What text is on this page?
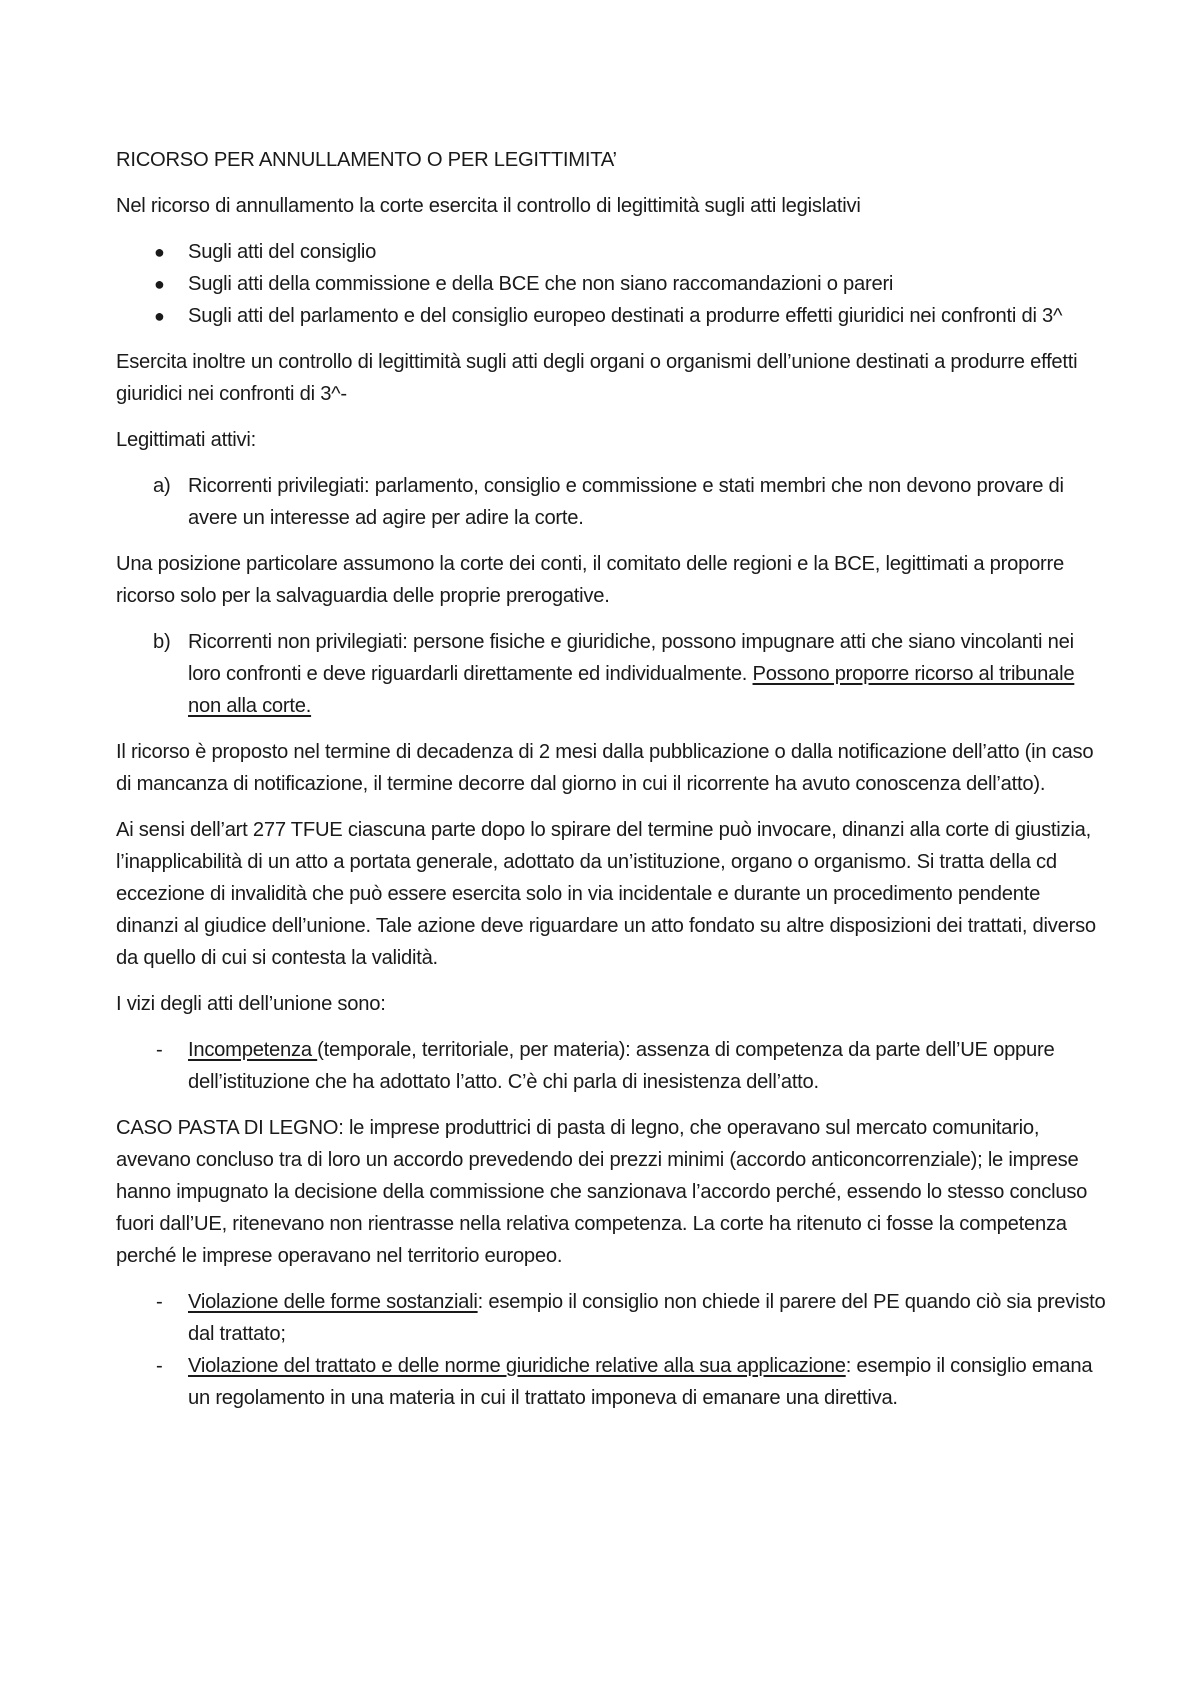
RICORSO PER ANNULLAMENTO O PER LEGITTIMITA’

Nel ricorso di annullamento la corte esercita il controllo di legittimità sugli atti legislativi

● Sugli atti del consiglio
● Sugli atti della commissione e della BCE che non siano raccomandazioni o pareri
● Sugli atti del parlamento e del consiglio europeo destinati a produrre effetti giuridici nei confronti di 3^

Esercita inoltre un controllo di legittimità sugli atti degli organi o organismi dell’unione destinati a produrre effetti giuridici nei confronti di 3^-

Legittimati attivi:

a) Ricorrenti privilegiati: parlamento, consiglio e commissione e stati membri che non devono provare di avere un interesse ad agire per adire la corte.

Una posizione particolare assumono la corte dei conti, il comitato delle regioni e la BCE, legittimati a proporre ricorso solo per la salvaguardia delle proprie prerogative.

b) Ricorrenti non privilegiati: persone fisiche e giuridiche, possono impugnare atti che siano vincolanti nei loro confronti e deve riguardarli direttamente ed individualmente. Possono proporre ricorso al tribunale non alla corte.

Il ricorso è proposto nel termine di decadenza di 2 mesi dalla pubblicazione o dalla notificazione dell’atto (in caso di mancanza di notificazione, il termine decorre dal giorno in cui il ricorrente ha avuto conoscenza dell’atto).

Ai sensi dell’art 277 TFUE ciascuna parte dopo lo spirare del termine può invocare, dinanzi alla corte di giustizia, l’inapplicabilità di un atto a portata generale, adottato da un’istituzione, organo o organismo. Si tratta della cd eccezione di invalidità che può essere esercita solo in via incidentale e durante un procedimento pendente dinanzi al giudice dell’unione. Tale azione deve riguardare un atto fondato su altre disposizioni dei trattati, diverso da quello di cui si contesta la validità.

I vizi degli atti dell’unione sono:

- Incompetenza (temporale, territoriale, per materia): assenza di competenza da parte dell’UE oppure dell’istituzione che ha adottato l’atto. C’è chi parla di inesistenza dell’atto.

CASO PASTA DI LEGNO: le imprese produttrici di pasta di legno, che operavano sul mercato comunitario, avevano concluso tra di loro un accordo prevedendo dei prezzi minimi (accordo anticoncorrenziale); le imprese hanno impugnato la decisione della commissione che sanzionava l’accordo perché, essendo lo stesso concluso fuori dall’UE, ritenevano non rientrasse nella relativa competenza. La corte ha ritenuto ci fosse la competenza perché le imprese operavano nel territorio europeo.

- Violazione delle forme sostanziali: esempio il consiglio non chiede il parere del PE quando ciò sia previsto dal trattato;
- Violazione del trattato e delle norme giuridiche relative alla sua applicazione: esempio il consiglio emana un regolamento in una materia in cui il trattato imponeva di emanare una direttiva.
